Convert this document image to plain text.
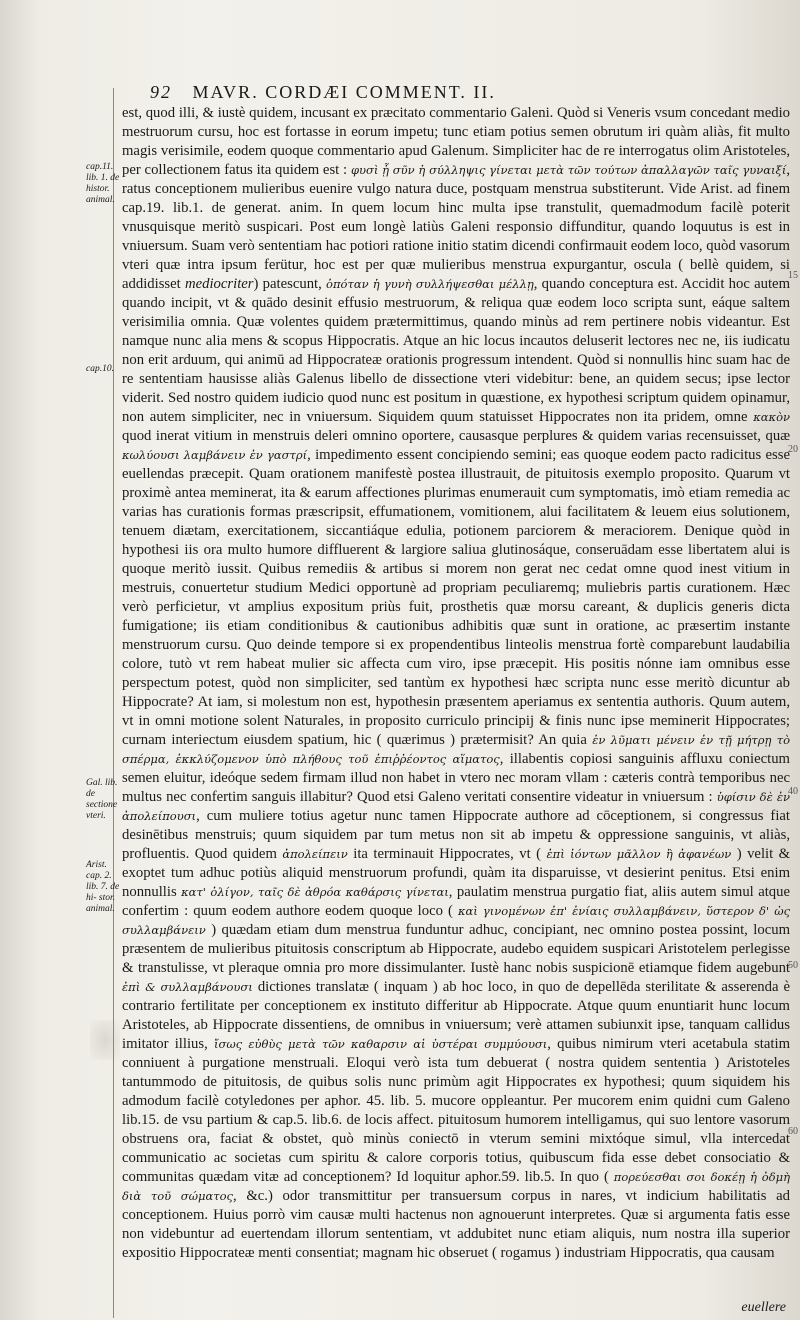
92 MAVR. CORDÆI COMMENT. II.
cap.11. lib. 1. de histor. animal.
cap.10.
Gal. lib. de sectione vteri.
Arist. cap. 2. lib. 7. de hi- stor. animal.
15
20
40
50
60

est, quod illi, & iustè quidem, incusant ex præcitato commentario Galeni. Quòd si Veneris vsum concedant medio mestruorum cursu, hoc est fortasse in eorum impetu; tunc etiam potius semen obrutum iri quàm aliàs, fit multo magis verisimile, eodem quoque commentario apud Galenum. Simpliciter hac de re interrogatus olim Aristoteles, per collectionem fatus ita quidem est : φυσὶ ᾗ σῦν ἡ σύλληψις γίνεται μετὰ τῶν τούτων ἀπαλλαγῶν ταῖς γυναιξί, ratus conceptionem mulieribus euenire vulgo natura duce, postquam menstrua substiterunt. Vide Arist. ad finem cap.19. lib.1. de generat. anim. In quem locum hinc multa ipse transtulit, quemadmodum facilè poterit vnusquisque meritò suspicari. Post eum longè latiùs Galeni responsio diffunditur, quando loquutus is est in vniuersum. Suam verò sententiam hac potiori ratione initio statim dicendi confirmauit eodem loco, quòd vasorum vteri quæ intra ipsum ferütur, hoc est per quæ mulieribus menstrua expurgantur, oscula ( bellè quidem, si addidisset mediocriter) patescunt, ὁπόταν ἡ γυνὴ συλλήψεσθαι μέλλῃ, quando conceptura est. Accidit hoc autem quando incipit, vt & quādo desinit effusio mestruorum, & reliqua quæ eodem loco scripta sunt, eáque saltem verisimilia omnia. Quæ volentes quidem prætermittimus, quando minùs ad rem pertinere nobis videantur. Est namque nunc alia mens & scopus Hippocratis. Atque an hic locus incautos deluserit lectores nec ne, iis iudicatu non erit arduum, qui animū ad Hippocrateæ orationis progressum intendent. Quòd si nonnullis hinc suam hac de re sententiam hausisse aliàs Galenus libello de dissectione vteri videbitur: bene, an quidem secus; ipse lector viderit. Sed nostro quidem iudicio quod nunc est positum in quæstione, ex hypothesi scriptum quidem opinamur, non autem simpliciter, nec in vniuersum. Siquidem quum statuisset Hippocrates non ita pridem, omne κακὸν quod inerat vitium in menstruis deleri omnino oportere, causasque perplures & quidem varias recensuisset, quæ κωλύουσι λαμβάνειν ἐν γαστρί, impedimento essent concipiendo semini; eas quoque eodem pacto radicitus esse euellendas præcepit. Quam orationem manifestè postea illustrauit, de pituitosis exemplo proposito. Quarum vt proximè antea meminerat, ita & earum affectiones plurimas enumerauit cum symptomatis, imò etiam remedia ac varias has curationis formas præscripsit, effumationem, vomitionem, alui facilitatem & leuem eius solutionem, tenuem diætam, exercitationem, siccantiáque edulia, potionem parciorem & meraciorem. Denique quòd in hypothesi iis ora multo humore diffluerent & largiore saliua glutinosáque, conseruādam esse libertatem alui is quoque meritò iussit. Quibus remediis & artibus si morem non gerat nec cedat omne quod inest vitium in mestruis, conuertetur studium Medici opportunè ad propriam peculiaremq; muliebris partis curationem. Hæc verò perficietur, vt amplius expositum priùs fuit, prosthetis quæ morsu careant, & duplicis generis dicta fumigatione; iis etiam conditionibus & cautionibus adhibitis quæ sunt in oratione, ac præsertim instante menstruorum cursu. Quo deinde tempore si ex propendentibus linteolis menstrua fortè comparebunt laudabilia colore, tutò vt rem habeat mulier sic affecta cum viro, ipse præcepit. His positis nónne iam omnibus esse perspectum potest, quòd non simpliciter, sed tantùm ex hypothesi hæc scripta nunc esse meritò dicuntur ab Hippocrate? At iam, si molestum non est, hypothesin præsentem aperiamus ex sententia authoris. Quum autem, vt in omni motione solent Naturales, in proposito curriculo principij & finis nunc ipse meminerit Hippocrates; curnam interiectum eiusdem spatium, hic ( quærimus ) prætermisit? An quia ἐν λῦματι μένειν ἐν τῇ μήτρῃ τὸ σπέρμα, ἐκκλύζομενον ὑπὸ πλήθους τοῦ ἐπιῤῥέοντος αἵματος, illabentis copiosi sanguinis affluxu coniectum semen eluitur, ideóque sedem firmam illud non habet in vtero nec moram vllam : cæteris contrà temporibus nec multus nec confertim sanguis illabitur? Quod etsi Galeno veritati consentire videatur in vniuersum : ὑφίσιν δὲ ἐν ἀπολείπουσι, cum muliere totius agetur nunc tamen Hippocrate authore ad cōceptionem, si congressus fiat desinētibus menstruis; quum siquidem par tum metus non sit ab impetu & oppressione sanguinis, vt aliàs, profluentis. Quod quidem ἀπολείπειν ita terminauit Hippocrates, vt ( ἐπὶ ἰόντων μᾶλλον ἢ ἀφανέων ) velit & exoptet tum adhuc potiùs aliquid menstruorum profundi, quàm ita disparuisse, vt desierint penitus. Etsi enim nonnullis κατ' ὀλίγον, ταῖς δὲ ἀθρόα καθάρσις γίνεται, paulatim menstrua purgatio fiat, aliis autem simul atque confertim : quum eodem authore eodem quoque loco ( καὶ γινομένων ἐπ' ἐνίαις συλλαμβάνειν, ὕστερον δ' ὡς συλλαμβάνειν ) quædam etiam dum menstrua funduntur adhuc, concipiant, nec omnino postea possint, locum præsentem de mulieribus pituitosis conscriptum ab Hippocrate, audebo equidem suspicari Aristotelem perlegisse & transtulisse, vt pleraque omnia pro more dissimulanter. Iustè hanc nobis suspicionē etiamque fidem augebunt ἐπὶ & συλλαμβάνουσι dictiones translatæ ( inquam ) ab hoc loco, in quo de depellēda sterilitate & asserenda è contrario fertilitate per conceptionem ex instituto differitur ab Hippocrate. Atque quum enuntiarit hunc locum Aristoteles, ab Hippocrate dissentiens, de omnibus in vniuersum; verè attamen subiunxit ipse, tanquam callidus imitator illius, ἴσως εὐθὺς μετὰ τῶν καθαρσιν αἱ ὑστέραι συμμύουσι, quibus nimirum vteri acetabula statim conniuent à purgatione menstruali. Eloqui verò ista tum debuerat ( nostra quidem sententia ) Aristoteles tantummodo de pituitosis, de quibus solis nunc primùm agit Hippocrates ex hypothesi; quum siquidem his admodum facilè cotyledones per aphor. 45. lib. 5. mucore oppleantur. Per mucorem enim quidni cum Galeno lib.15. de vsu partium & cap.5. lib.6. de locis affect. pituitosum humorem intelligamus, qui suo lentore vasorum obstruens ora, faciat & obstet, quò minùs coniectō in vterum semini mixtóque simul, vlla intercedat communicatio ac societas cum spiritu & calore corporis totius, quibuscum fida esse debet consociatio & communitas quædam vitæ ad conceptionem? Id loquitur aphor.59. lib.5. In quo ( πορεύεσθαι σοι δοκέῃ ἡ ὀδμὴ διὰ τοῦ σώματος, &c.) odor transmittitur per transuersum corpus in nares, vt indicium habilitatis ad conceptionem. Huius porrò vim causæ multi hactenus non agnouerunt interpretes. Quæ si argumenta fatis esse non videbuntur ad euertendam illorum sententiam, vt addubitet nunc etiam aliquis, num nostra illa superior expositio Hippocrateæ menti consentiat; magnam hic obseruet ( rogamus ) industriam Hippocratis, qua causam

euellere
